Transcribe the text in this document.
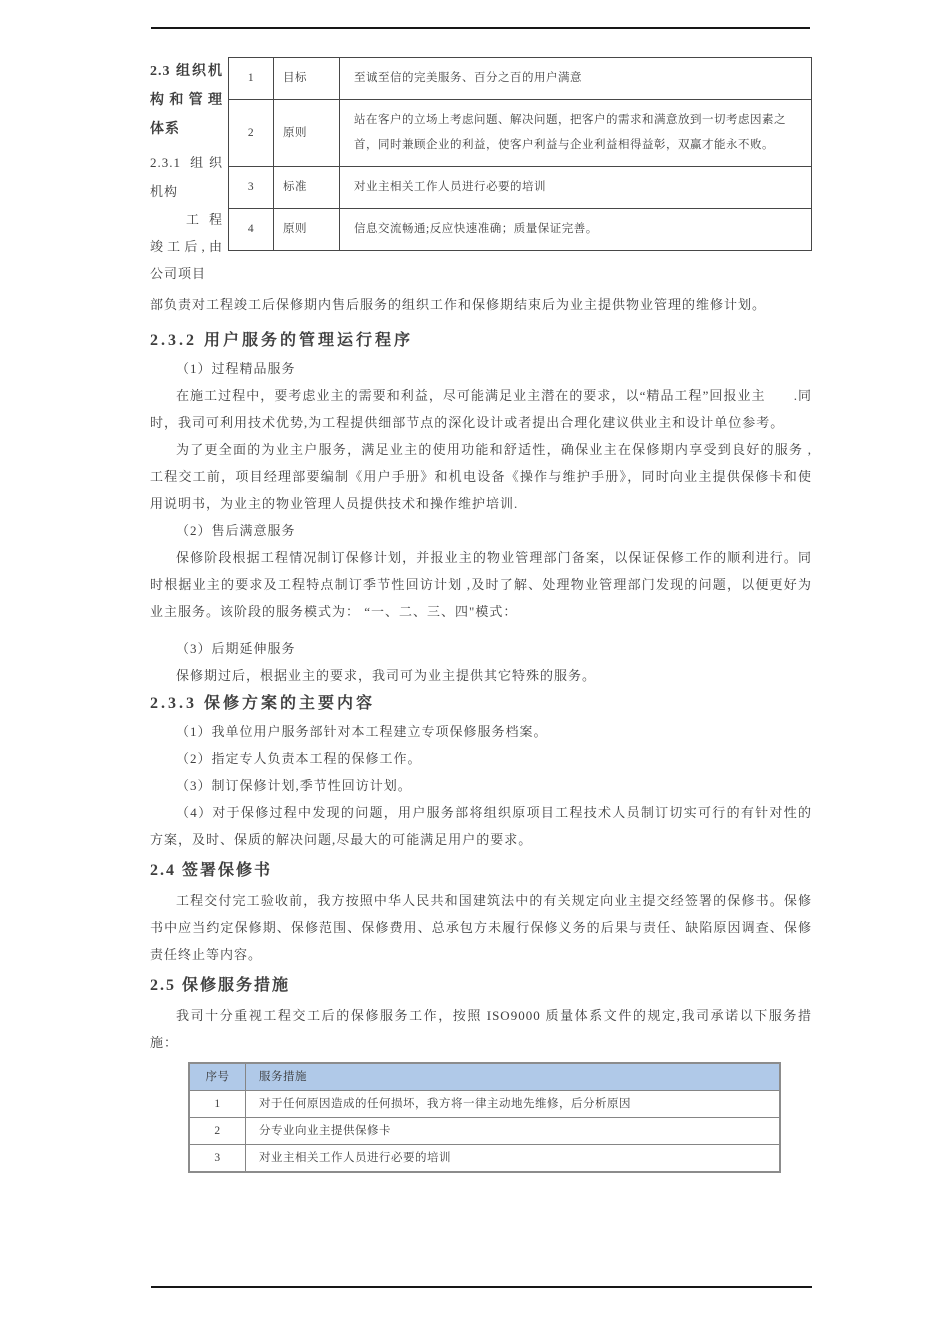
2.3 组织机构和管理体系
2.3.1 组织机构
工程竣工后,由公司项目
1	目标	至诚至信的完美服务、百分之百的用户满意
2	原则	站在客户的立场上考虑问题、解决问题，把客户的需求和满意放到一切考虑因素之首，同时兼顾企业的利益，使客户利益与企业利益相得益彰，双赢才能永不败。
3	标准	对业主相关工作人员进行必要的培训
4	原则	信息交流畅通;反应快速准确；质量保证完善。

部负责对工程竣工后保修期内售后服务的组织工作和保修期结束后为业主提供物业管理的维修计划。

2.3.2 用户服务的管理运行程序

（1）过程精品服务

在施工过程中，要考虑业主的需要和利益，尽可能满足业主潜在的要求，以“精品工程”回报业主　　.同时，我司可利用技术优势,为工程提供细部节点的深化设计或者提出合理化建议供业主和设计单位参考。

为了更全面的为业主户服务，满足业主的使用功能和舒适性，确保业主在保修期内享受到良好的服务 ,工程交工前，项目经理部要编制《用户手册》和机电设备《操作与维护手册》，同时向业主提供保修卡和使用说明书，为业主的物业管理人员提供技术和操作维护培训.

（2）售后满意服务

保修阶段根据工程情况制订保修计划，并报业主的物业管理部门备案，以保证保修工作的顺利进行。同时根据业主的要求及工程特点制订季节性回访计划 ,及时了解、处理物业管理部门发现的问题，以便更好为业主服务。该阶段的服务模式为： “一、二、三、四"模式：

（3）后期延伸服务

保修期过后，根据业主的要求，我司可为业主提供其它特殊的服务。

2.3.3 保修方案的主要内容

（1）我单位用户服务部针对本工程建立专项保修服务档案。

（2）指定专人负责本工程的保修工作。

（3）制订保修计划,季节性回访计划。

（4）对于保修过程中发现的问题，用户服务部将组织原项目工程技术人员制订切实可行的有针对性的方案，及时、保质的解决问题,尽最大的可能满足用户的要求。

2.4 签署保修书

工程交付完工验收前，我方按照中华人民共和国建筑法中的有关规定向业主提交经签署的保修书。保修书中应当约定保修期、保修范围、保修费用、总承包方未履行保修义务的后果与责任、缺陷原因调查、保修责任终止等内容。

2.5 保修服务措施

我司十分重视工程交工后的保修服务工作，按照 ISO9000 质量体系文件的规定,我司承诺以下服务措施：

序号	服务措施
1	对于任何原因造成的任何损坏，我方将一律主动地先维修，后分析原因
2	分专业向业主提供保修卡
3	对业主相关工作人员进行必要的培训
